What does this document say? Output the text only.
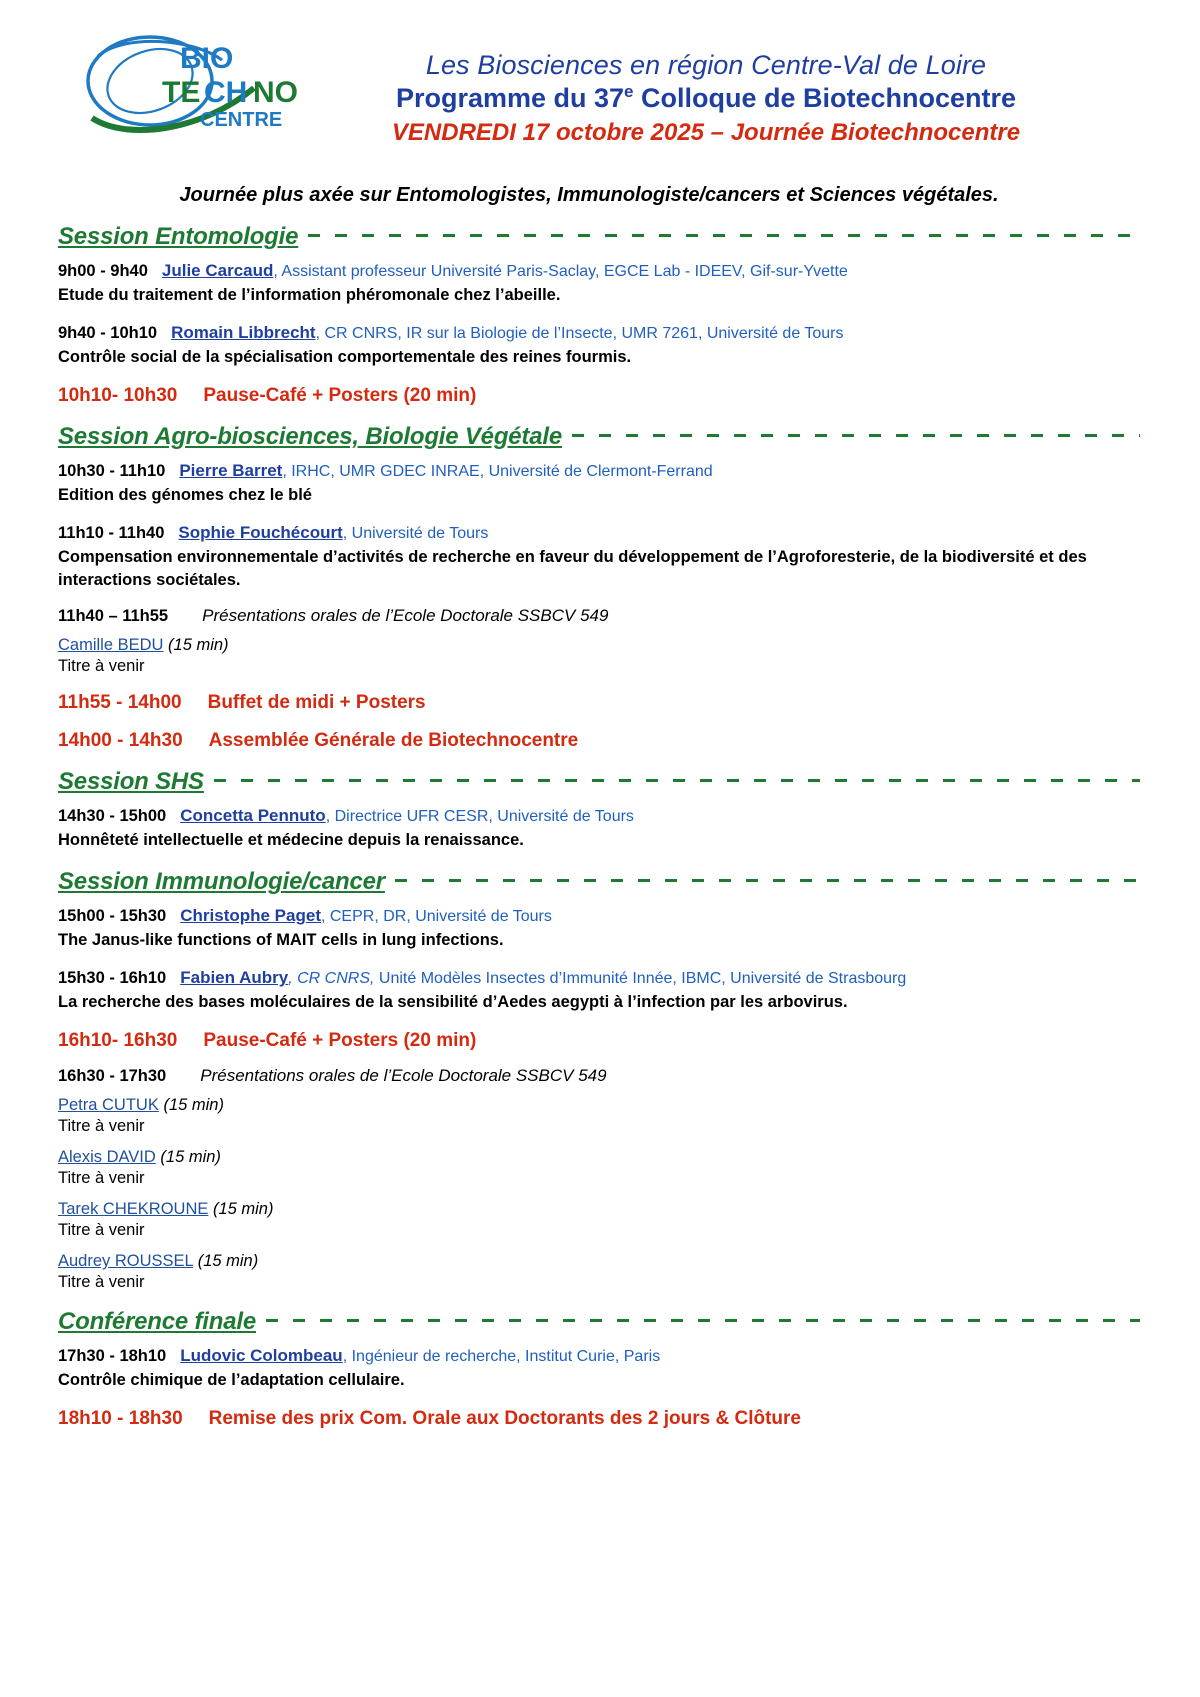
BIO
TE CH NO
CENTRE
Les Biosciences en région Centre-Val de Loire
Programme du 37e Colloque de Biotechnocentre
VENDREDI 17 octobre 2025 – Journée Biotechnocentre
Journée plus axée sur Entomologistes, Immunologiste/cancers et Sciences végétales.
Session Entomologie
9h00 - 9h40 Julie Carcaud, Assistant professeur Université Paris-Saclay, EGCE Lab - IDEEV, Gif-sur-Yvette
Etude du traitement de l’information phéromonale chez l’abeille.
9h40 - 10h10 Romain Libbrecht, CR CNRS, IR sur la Biologie de l’Insecte, UMR 7261, Université de Tours
Contrôle social de la spécialisation comportementale des reines fourmis.
10h10- 10h30 Pause-Café + Posters (20 min)
Session Agro-biosciences, Biologie Végétale
10h30 - 11h10 Pierre Barret, IRHC, UMR GDEC INRAE, Université de Clermont-Ferrand
Edition des génomes chez le blé
11h10 - 11h40 Sophie Fouchécourt, Université de Tours
Compensation environnementale d’activités de recherche en faveur du développement de l’Agroforesterie, de la biodiversité et des interactions sociétales.
11h40 – 11h55 Présentations orales de l’Ecole Doctorale SSBCV 549
Camille BEDU (15 min)
Titre à venir
11h55 - 14h00 Buffet de midi + Posters
14h00 - 14h30 Assemblée Générale de Biotechnocentre
Session SHS
14h30 - 15h00 Concetta Pennuto, Directrice UFR CESR, Université de Tours
Honnêteté intellectuelle et médecine depuis la renaissance.
Session Immunologie/cancer
15h00 - 15h30 Christophe Paget, CEPR, DR, Université de Tours
The Janus-like functions of MAIT cells in lung infections.
15h30 - 16h10 Fabien Aubry, CR CNRS, Unité Modèles Insectes d’Immunité Innée, IBMC, Université de Strasbourg
La recherche des bases moléculaires de la sensibilité d’Aedes aegypti à l’infection par les arbovirus.
16h10- 16h30 Pause-Café + Posters (20 min)
16h30 - 17h30 Présentations orales de l’Ecole Doctorale SSBCV 549
Petra CUTUK (15 min)
Titre à venir
Alexis DAVID (15 min)
Titre à venir
Tarek CHEKROUNE (15 min)
Titre à venir
Audrey ROUSSEL (15 min)
Titre à venir
Conférence finale
17h30 - 18h10 Ludovic Colombeau, Ingénieur de recherche, Institut Curie, Paris
Contrôle chimique de l’adaptation cellulaire.
18h10 - 18h30 Remise des prix Com. Orale aux Doctorants des 2 jours & Clôture
